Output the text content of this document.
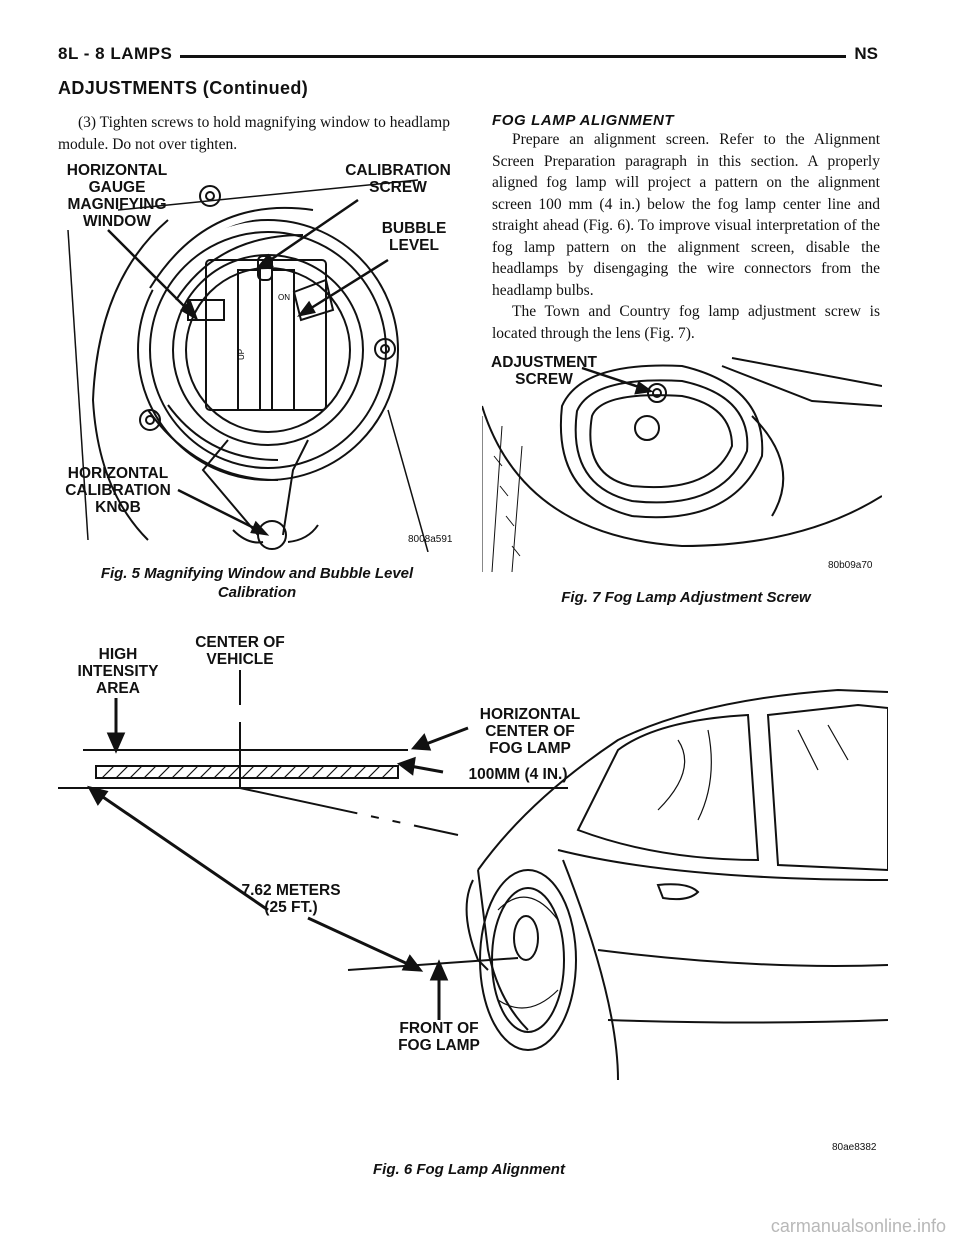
8L - 8 LAMPS	NS
ADJUSTMENTS (Continued)

(3) Tighten screws to hold magnifying window to headlamp module. Do not over tighten.

FOG LAMP ALIGNMENT

Prepare an alignment screen. Refer to the Alignment Screen Preparation paragraph in this section. A properly aligned fog lamp will project a pattern on the alignment screen 100 mm (4 in.) below the fog lamp center line and straight ahead (Fig. 6). To improve visual interpretation of the fog lamp pattern on the alignment screen, disable the headlamps by disengaging the wire connectors from the headlamp bulbs.

The Town and Country fog lamp adjustment screw is located through the lens (Fig. 7).

UP
ON
HORIZONTAL
GAUGE
MAGNIFYING
WINDOW
CALIBRATION
SCREW
BUBBLE
LEVEL
HORIZONTAL
CALIBRATION
KNOB
8008a591
Fig. 5 Magnifying Window and Bubble Level
Calibration
ADJUSTMENT
SCREW
80b09a70
Fig. 7 Fog Lamp Adjustment Screw
HIGH
INTENSITY
AREA
CENTER OF
VEHICLE
HORIZONTAL
CENTER OF
FOG LAMP
100MM (4 IN.)
7.62 METERS
(25 FT.)
FRONT OF
FOG LAMP
80ae8382
Fig. 6 Fog Lamp Alignment
carmanualsonline.info
